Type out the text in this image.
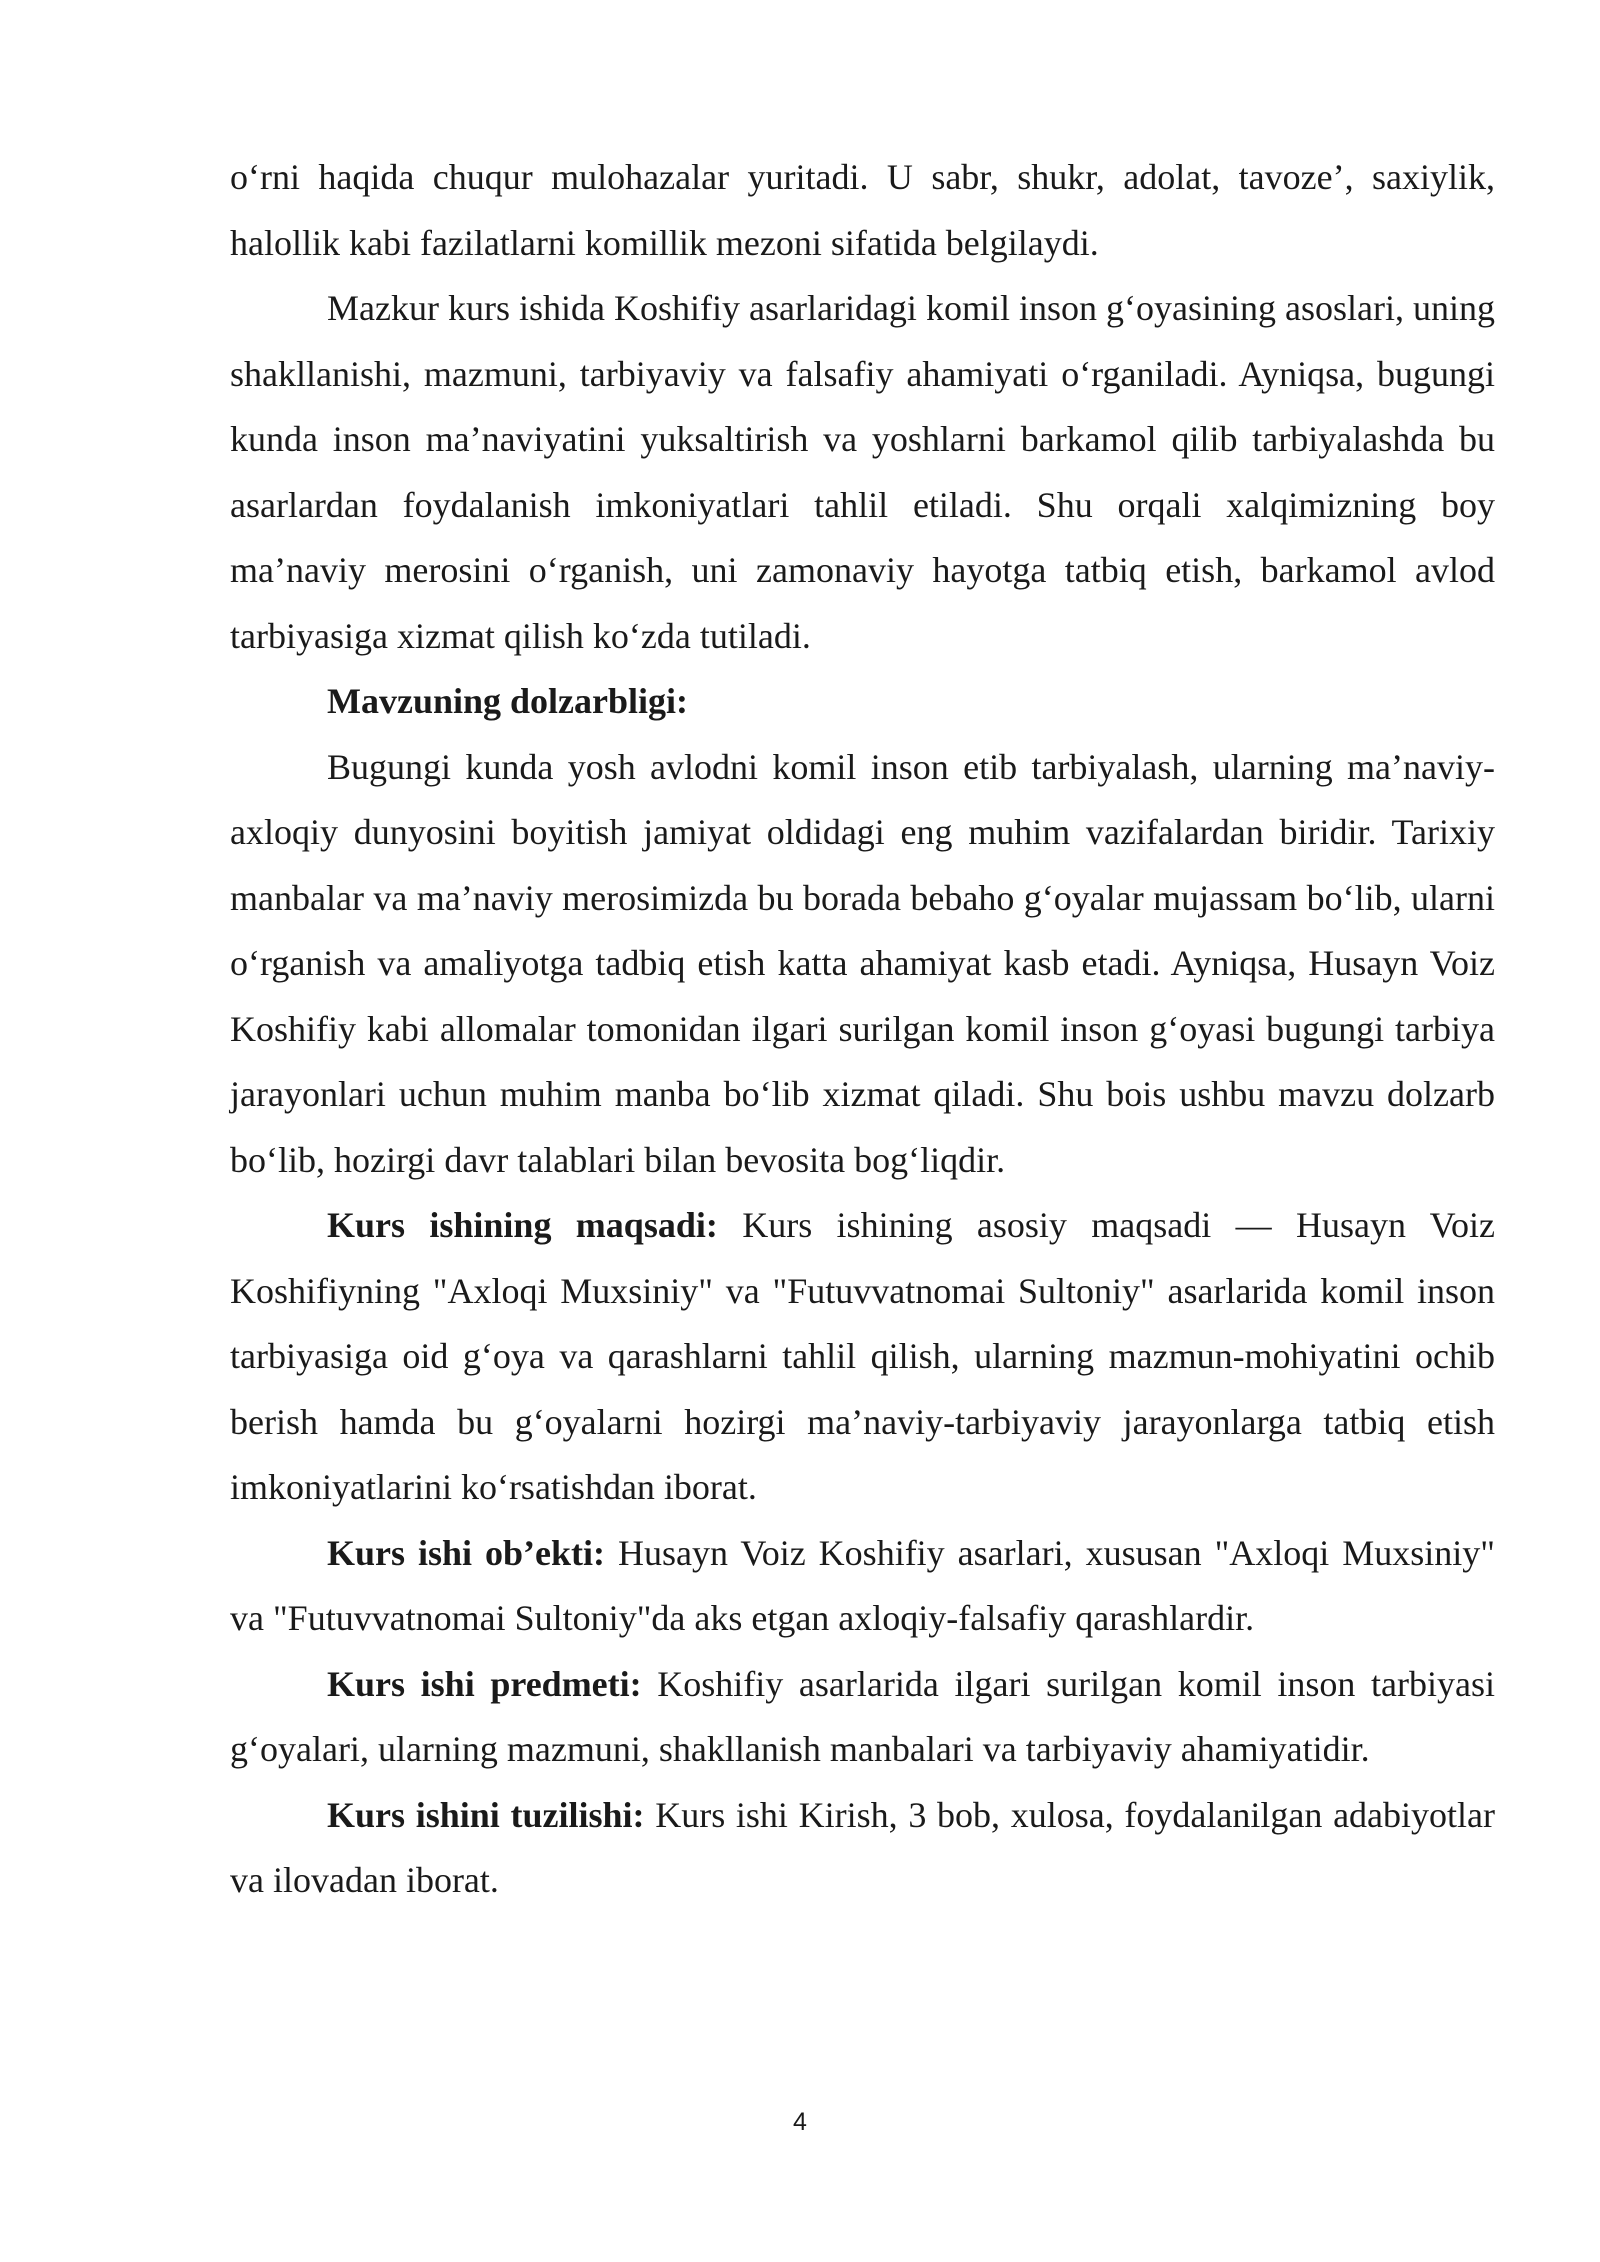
o‘rni haqida chuqur mulohazalar yuritadi. U sabr, shukr, adolat, tavoze’, saxiylik, halollik kabi fazilatlarni komillik mezoni sifatida belgilaydi.

Mazkur kurs ishida Koshifiy asarlaridagi komil inson g‘oyasining asoslari, uning shakllanishi, mazmuni, tarbiyaviy va falsafiy ahamiyati o‘rganiladi. Ayniqsa, bugungi kunda inson ma’naviyatini yuksaltirish va yoshlarni barkamol qilib tarbiyalashda bu asarlardan foydalanish imkoniyatlari tahlil etiladi. Shu orqali xalqimizning boy ma’naviy merosini o‘rganish, uni zamonaviy hayotga tatbiq etish, barkamol avlod tarbiyasiga xizmat qilish ko‘zda tutiladi.

Mavzuning dolzarbligi:

Bugungi kunda yosh avlodni komil inson etib tarbiyalash, ularning ma’naviy-axloqiy dunyosini boyitish jamiyat oldidagi eng muhim vazifalardan biridir. Tarixiy manbalar va ma’naviy merosimizda bu borada bebaho g‘oyalar mujassam bo‘lib, ularni o‘rganish va amaliyotga tadbiq etish katta ahamiyat kasb etadi. Ayniqsa, Husayn Voiz Koshifiy kabi allomalar tomonidan ilgari surilgan komil inson g‘oyasi bugungi tarbiya jarayonlari uchun muhim manba bo‘lib xizmat qiladi. Shu bois ushbu mavzu dolzarb bo‘lib, hozirgi davr talablari bilan bevosita bog‘liqdir.

Kurs ishining maqsadi: Kurs ishining asosiy maqsadi — Husayn Voiz Koshifiyning "Axloqi Muxsiniy" va "Futuvvatnomai Sultoniy" asarlarida komil inson tarbiyasiga oid g‘oya va qarashlarni tahlil qilish, ularning mazmun-mohiyatini ochib berish hamda bu g‘oyalarni hozirgi ma’naviy-tarbiyaviy jarayonlarga tatbiq etish imkoniyatlarini ko‘rsatishdan iborat.

Kurs ishi ob’ekti: Husayn Voiz Koshifiy asarlari, xususan "Axloqi Muxsiniy" va "Futuvvatnomai Sultoniy"da aks etgan axloqiy-falsafiy qarashlardir.

Kurs ishi predmeti: Koshifiy asarlarida ilgari surilgan komil inson tarbiyasi g‘oyalari, ularning mazmuni, shakllanish manbalari va tarbiyaviy ahamiyatidir.

Kurs ishini tuzilishi: Kurs ishi Kirish, 3 bob, xulosa, foydalanilgan adabiyotlar va ilovadan iborat.

4
